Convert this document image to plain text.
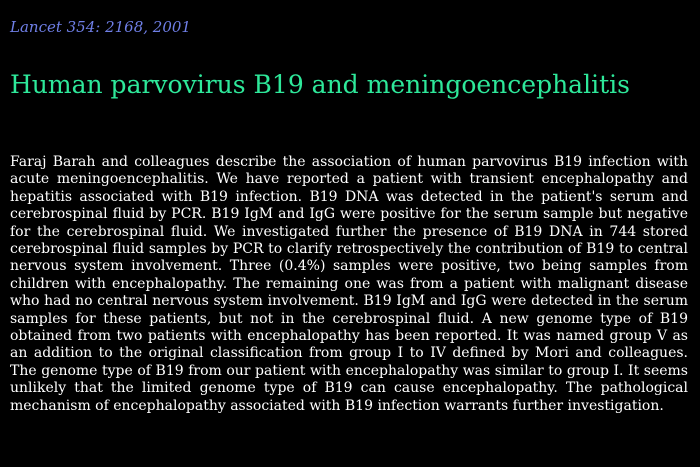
Lancet 354: 2168, 2001
Human parvovirus B19 and meningoencephalitis

Faraj Barah and colleagues describe the association of human parvovirus B19 infection with acute meningoencephalitis. We have reported a patient with transient encephalopathy and hepatitis associated with B19 infection. B19 DNA was detected in the patient's serum and cerebrospinal fluid by PCR. B19 IgM and IgG were positive for the serum sample but negative for the cerebrospinal fluid. We investigated further the presence of B19 DNA in 744 stored cerebrospinal fluid samples by PCR to clarify retrospectively the contribution of B19 to central nervous system involvement. Three (0.4%) samples were positive, two being samples from children with encephalopathy. The remaining one was from a patient with malignant disease who had no central nervous system involvement. B19 IgM and IgG were detected in the serum samples for these patients, but not in the cerebrospinal fluid. A new genome type of B19 obtained from two patients with encephalopathy has been reported. It was named group V as an addition to the original classification from group I to IV defined by Mori and colleagues. The genome type of B19 from our patient with encephalopathy was similar to group I. It seems unlikely that the limited genome type of B19 can cause encephalopathy. The pathological mechanism of encephalopathy associated with B19 infection warrants further investigation.
